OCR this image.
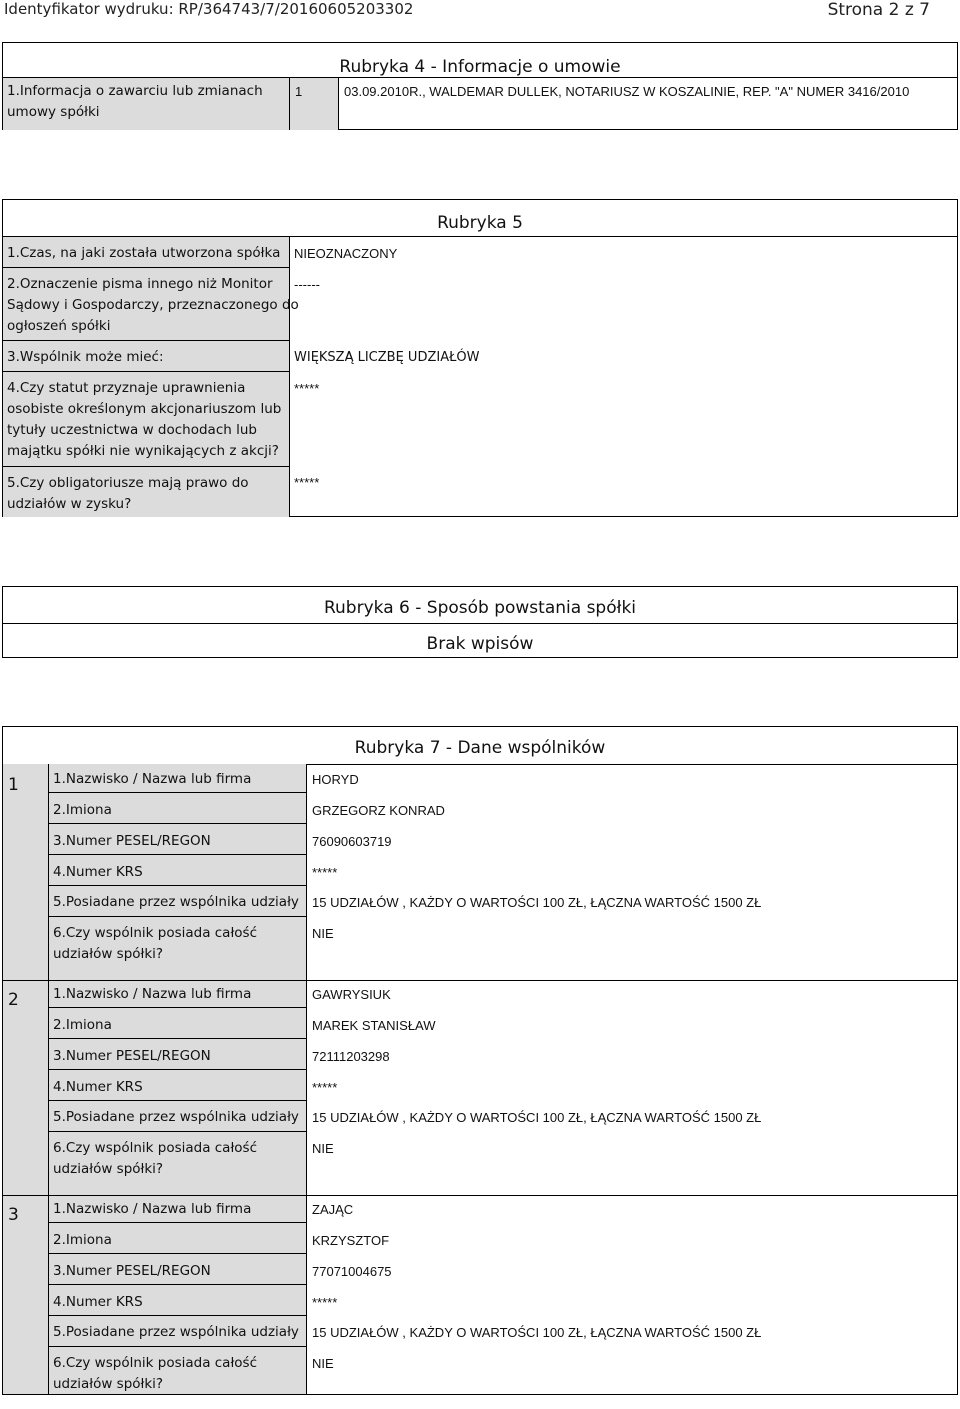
Identyfikator wydruku: RP/364743/7/20160605203302	Strona 2 z 7
Rubryka 4 - Informacje o umowie
1.Informacja o zawarciu lub zmianach
umowy spółki
1	03.09.2010R., WALDEMAR DULLEK, NOTARIUSZ W KOSZALINIE, REP. "A" NUMER 3416/2010
Rubryka 5
1.Czas, na jaki została utworzona spółka NIEOZNACZONY
2.Oznaczenie pisma innego niż Monitor
Sądowy i Gospodarczy, przeznaczonego do
ogłoszeń spółki
------
3.Wspólnik może mieć:	WIĘKSZĄ LICZBĘ UDZIAŁÓW
4.Czy statut przyznaje uprawnienia
osobiste określonym akcjonariuszom lub
tytuły uczestnictwa w dochodach lub
majątku spółki nie wynikających z akcji?
*****
5.Czy obligatoriusze mają prawo do
udziałów w zysku?
*****
Rubryka 6 - Sposób powstania spółki
Brak wpisów
Rubryka 7 - Dane wspólników
1	1.Nazwisko / Nazwa lub firma	HORYD
2.Imiona	GRZEGORZ KONRAD
3.Numer PESEL/REGON	76090603719
4.Numer KRS	*****
5.Posiadane przez wspólnika udziały 15 UDZIAŁÓW , KAŻDY O WARTOŚCI 100 ZŁ, ŁĄCZNA WARTOŚĆ 1500 ZŁ
6.Czy wspólnik posiada całość
udziałów spółki?
NIE
2	1.Nazwisko / Nazwa lub firma	GAWRYSIUK
2.Imiona	MAREK STANISŁAW
3.Numer PESEL/REGON	72111203298
4.Numer KRS	*****
5.Posiadane przez wspólnika udziały 15 UDZIAŁÓW , KAŻDY O WARTOŚCI 100 ZŁ, ŁĄCZNA WARTOŚĆ 1500 ZŁ
6.Czy wspólnik posiada całość
udziałów spółki?
NIE
3	1.Nazwisko / Nazwa lub firma	ZAJĄC
2.Imiona	KRZYSZTOF
3.Numer PESEL/REGON	77071004675
4.Numer KRS	*****
5.Posiadane przez wspólnika udziały 15 UDZIAŁÓW , KAŻDY O WARTOŚCI 100 ZŁ, ŁĄCZNA WARTOŚĆ 1500 ZŁ
6.Czy wspólnik posiada całość
udziałów spółki?
NIE
